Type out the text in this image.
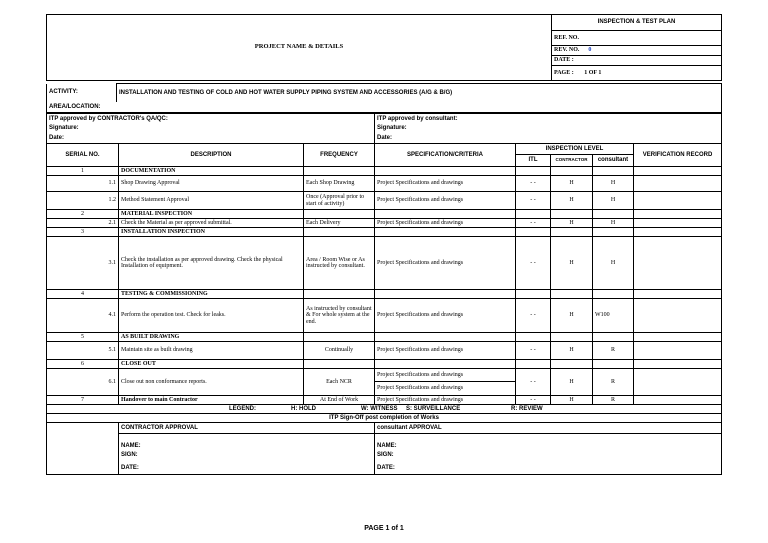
PROJECT NAME & DETAILS	INSPECTION & TEST PLAN
REF. NO.
REV. NO. 0
DATE :
PAGE : 1 OF 1
ACTIVITY:	INSTALLATION AND TESTING OF COLD AND HOT WATER SUPPLY PIPING SYSTEM AND ACCESSORIES (A/G & B/G)
AREA/LOCATION:
ITP approved by CONTRACTOR's QA/QC:			ITP approved by consultant:				
Signature:			Signature:				
Date:			Date:				
SERIAL NO.	DESCRIPTION	FREQUENCY	SPECIFICATION/CRITERIA	INSPECTION LEVEL			VERIFICATION RECORD
				ITL	CONTRACTOR	consultant	
1	DOCUMENTATION						
1.1	Shop Drawing Approval	Each Shop Drawing	Project Specifications and drawings	- -	H	H	
1.2	Method Statement Approval	Once (Approval prior to start of activity)	Project Specifications and drawings	- -	H	H	
2	MATERIAL INSPECTION						
2.1	Check the Material as per approved submittal.	Each Delivery	Project Specifications and drawings	- -	H	H	
3	INSTALLATION INSPECTION						
3.1	Check the installation as per approved drawing. Check the physical Installation of equipment.	Area / Room Wise or As instructed by consultant.	Project Specifications and drawings	- -	H	H	
4	TESTING & COMMISSIONING						
4.1	Perform the operation test. Check for leaks.	As instructed by consultant & For whole system at the end.	Project Specifications and drawings	- -	H	W100	
5	AS BUILT DRAWING						
5.1	Maintain site as built drawing	Continually	Project Specifications and drawings	- -	H	R	
6	CLOSE OUT						
6.1	Close out non conformance reports.	Each NCR	Project Specifications and drawings	- -	H	R	
			Project Specifications and drawings				
7	Handover to main Contractor	At End of Work	Project Specifications and drawings	- -	H	R	
LEGEND: H: HOLD W: WITNESS S: SURVEILLANCE R: REVIEW							
ITP Sign-Off post completion of Works							
	CONTRACTOR APPROVAL		consultant APPROVAL				
	NAME:		NAME:				
	SIGN:		SIGN:				
	DATE:		DATE:				
PAGE 1 of 1
